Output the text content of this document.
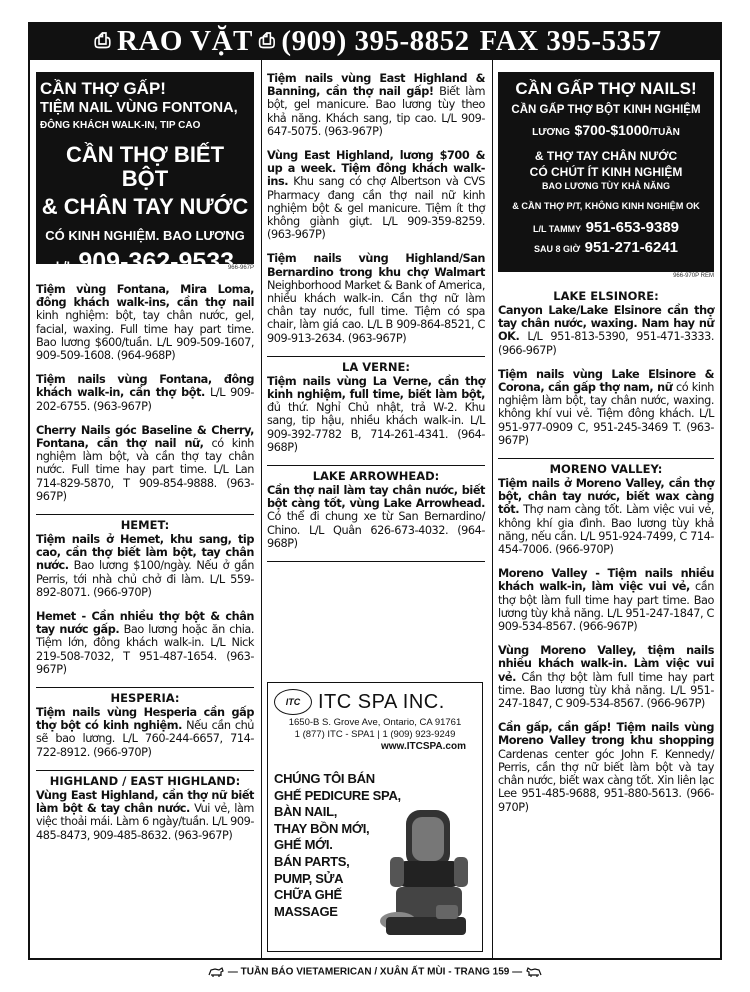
⎙ RAO VẶT ⎙ (909) 395-8852 FAX 395-5357
CẦN THỢ GẤP!
TIỆM NAIL VÙNG FONTONA,
ĐÔNG KHÁCH WALK-IN, TIP CAO
CẦN THỢ BIẾT BỘT
& CHÂN TAY NƯỚC
CÓ KINH NGHIỆM. BAO LƯƠNG
L/L 909-362-9533
966-967P
Tiệm vùng Fontana, Mira Loma, đông khách walk-ins, cần thợ nail kinh nghiệm: bột, tay chân nước, gel, facial, waxing. Full time hay part time. Bao lương $600/tuần. L/L 909-509-1607, 909-509-1608. (964-968P)
Tiệm nails vùng Fontana, đông khách walk-in, cần thợ bột. L/L 909-202-6755. (963-967P)
Cherry Nails góc Baseline & Cherry, Fontana, cần thợ nail nữ, có kinh nghiệm làm bột, và cần thợ tay chân nước. Full time hay part time. L/L Lan 714-829-5870, T 909-854-9888. (963-967P)
HEMET:
Tiệm nails ở Hemet, khu sang, tip cao, cần thợ biết làm bột, tay chân nước. Bao lương $100/ngày. Nếu ở gần Perris, tới nhà chủ chở đi làm. L/L 559-892-8071. (966-970P)
Hemet - Cần nhiều thợ bột & chân tay nước gấp. Bao lương hoặc ăn chia. Tiệm lớn, đông khách walk-in. L/L Nick 219-508-7032, T 951-487-1654. (963-967P)
HESPERIA:
Tiệm nails vùng Hesperia cần gấp thợ bột có kinh nghiệm. Nếu cần chủ sẽ bao lương. L/L 760-244-6657, 714-722-8912. (966-970P)
HIGHLAND / EAST HIGHLAND:
Vùng East Highland, cần thợ nữ biết làm bột & tay chân nước. Vui vẻ, làm việc thoải mái. Làm 6 ngày/tuần. L/L 909-485-8473, 909-485-8632. (963-967P)
Tiệm nails vùng East Highland & Banning, cần thợ nail gấp! Biết làm bột, gel manicure. Bao lương tùy theo khả năng. Khách sang, tip cao. L/L 909-647-5075. (963-967P)
Vùng East Highland, lương $700 & up a week. Tiệm đông khách walk-ins. Khu sang có chợ Albertson và CVS Pharmacy đang cần thợ nail nữ kinh nghiệm bột & gel manicure. Tiệm ít thợ không giành giựt. L/L 909-359-8259. (963-967P)
Tiệm nails vùng Highland/San Bernardino trong khu chợ Walmart Neighborhood Market & Bank of America, nhiều khách walk-in. Cần thợ nữ làm chân tay nước, full time. Tiệm có spa chair, làm giá cao. L/L B 909-864-8521, C 909-913-2634. (963-967P)
LA VERNE:
Tiệm nails vùng La Verne, cần thợ kinh nghiệm, full time, biết làm bột, đủ thứ. Nghỉ Chủ nhật, trả W-2. Khu sang, tip hậu, nhiều khách walk-in. L/L 909-392-7782 B, 714-261-4341. (964-968P)
LAKE ARROWHEAD:
Cần thợ nail làm tay chân nước, biết bột càng tốt, vùng Lake Arrowhead. Có thể đi chung xe từ San Bernardino/ Chino. L/L Quân 626-673-4032. (964-968P)
ITC ITC SPA INC.
1650-B S. Grove Ave, Ontario, CA 91761
1 (877) ITC - SPA1 | 1 (909) 923-9249
www.ITCSPA.com
CHÚNG TÔI BÁN
GHẾ PEDICURE SPA,
BÀN NAIL,
THAY BỒN MỚI,
GHẾ MỚI.
BÁN PARTS,
PUMP, SỬA
CHỮA GHẾ
MASSAGE
CẦN GẤP THỢ NAILS!
CẦN GẤP THỢ BỘT KINH NGHIỆM
LƯƠNG $700-$1000/TUẦN
& THỢ TAY CHÂN NƯỚC
CÓ CHÚT ÍT KINH NGHIỆM
BAO LƯƠNG TÙY KHẢ NĂNG
& CẦN THỢ P/T, KHÔNG KINH NGHIỆM OK
L/L TAMMY 951-653-9389
SAU 8 GIỜ 951-271-6241
966-970P REM
LAKE ELSINORE:
Canyon Lake/Lake Elsinore cần thợ tay chân nước, waxing. Nam hay nữ OK. L/L 951-813-5390, 951-471-3333. (966-967P)
Tiệm nails vùng Lake Elsinore & Corona, cần gấp thợ nam, nữ có kinh nghiệm làm bột, tay chân nước, waxing. không khí vui vẻ. Tiệm đông khách. L/L 951-977-0909 C, 951-245-3469 T. (963-967P)
MORENO VALLEY:
Tiệm nails ở Moreno Valley, cần thợ bột, chân tay nước, biết wax càng tốt. Thợ nam càng tốt. Làm việc vui vẻ, không khí gia đình. Bao lương tùy khả năng, nếu cần. L/L 951-924-7499, C 714-454-7006. (966-970P)
Moreno Valley - Tiệm nails nhiều khách walk-in, làm việc vui vẻ, cần thợ bột làm full time hay part time. Bao lương tùy khả năng. L/L 951-247-1847, C 909-534-8567. (966-967P)
Vùng Moreno Valley, tiệm nails nhiều khách walk-in. Làm việc vui vẻ. Cần thợ bột làm full time hay part time. Bao lương tùy khả năng. L/L 951-247-1847, C 909-534-8567. (966-967P)
Cần gấp, cần gấp! Tiệm nails vùng Moreno Valley trong khu shopping Cardenas center góc John F. Kennedy/ Perris, cần thợ nữ biết làm bột và tay chân nước, biết wax càng tốt. Xin liên lạc Lee 951-485-9688, 951-880-5613. (966-970P)
— TUẦN BÁO VIETAMERICAN / XUÂN ẤT MÙI - TRANG 159 —
